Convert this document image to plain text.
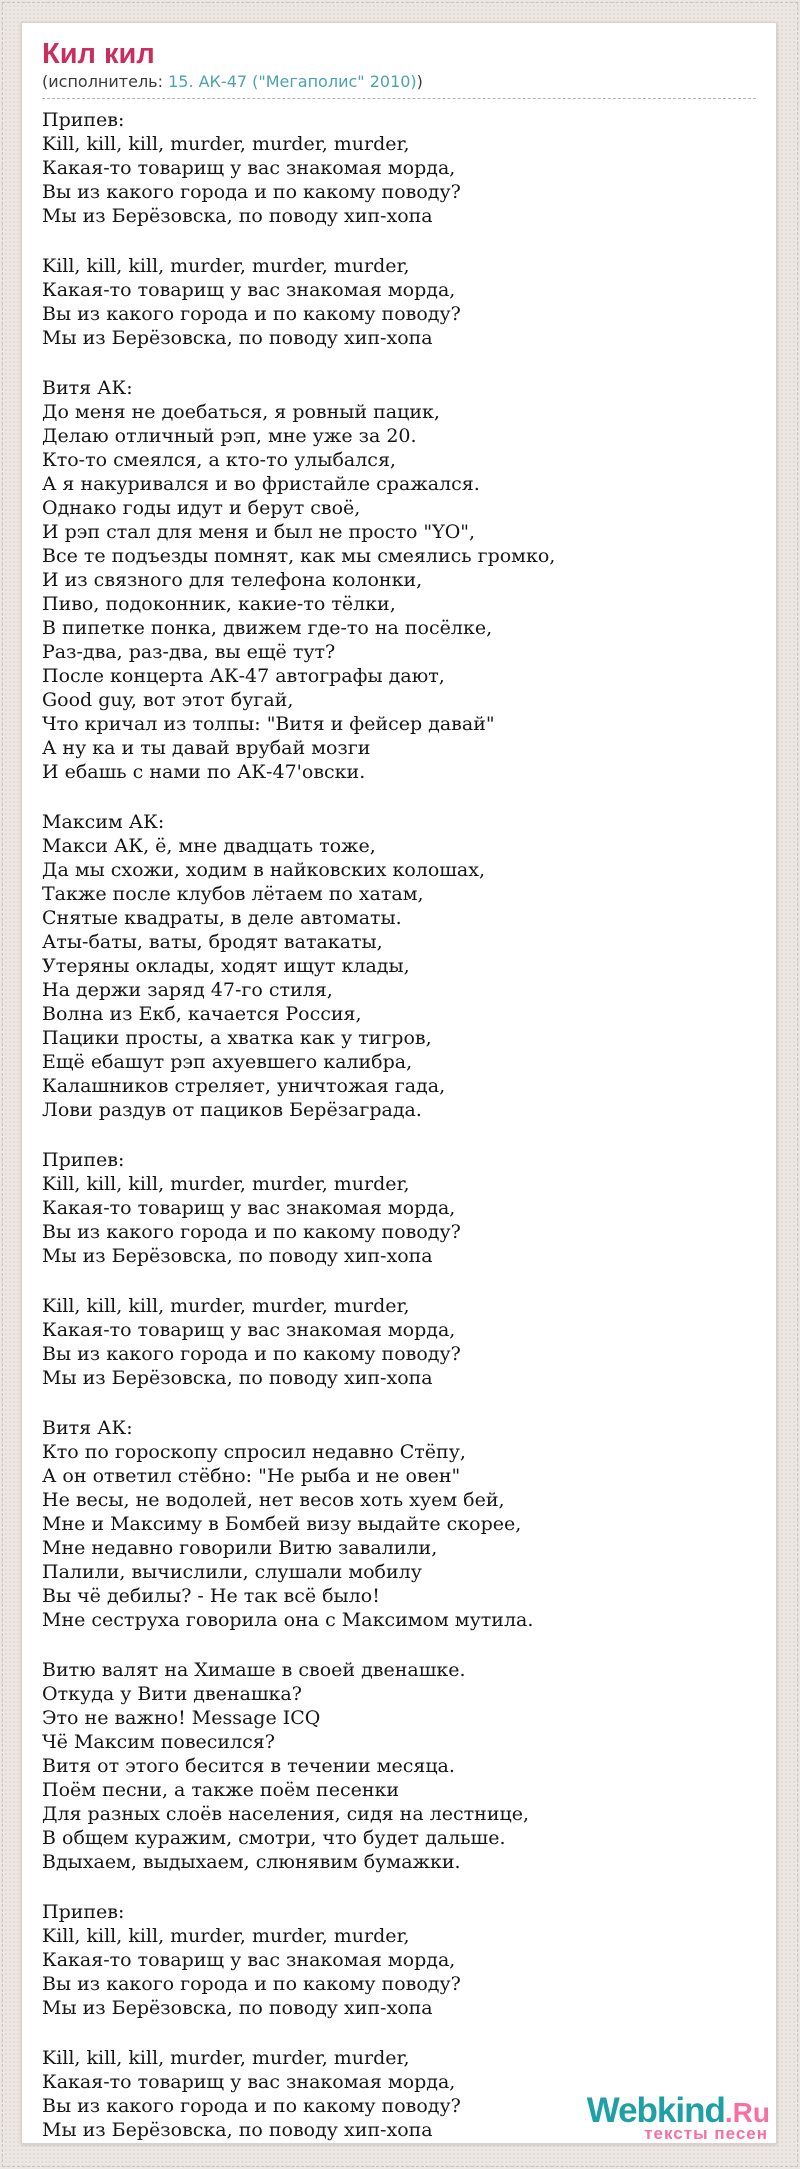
Кил кил
(исполнитель: 15. АК-47 ("Мегаполис" 2010))
Припев:
Kill, kill, kill, murder, murder, murder,
Какая-то товарищ у вас знакомая морда,
Вы из какого города и по какому поводу?
Мы из Берёзовска, по поводу хип-хопа
Kill, kill, kill, murder, murder, murder,
Какая-то товарищ у вас знакомая морда,
Вы из какого города и по какому поводу?
Мы из Берёзовска, по поводу хип-хопа
Витя АК:
До меня не доебаться, я ровный пацик,
Делаю отличный рэп, мне уже за 20.
Кто-то смеялся, а кто-то улыбался,
А я накуривался и во фристайле сражался.
Однако годы идут и берут своё,
И рэп стал для меня и был не просто "YO",
Все те подъезды помнят, как мы смеялись громко,
И из связного для телефона колонки,
Пиво, подоконник, какие-то тёлки,
В пипетке понка, движем где-то на посёлке,
Раз-два, раз-два, вы ещё тут?
После концерта АК-47 автографы дают,
Good guy, вот этот бугай,
Что кричал из толпы: "Витя и фейсер давай"
А ну ка и ты давай врубай мозги
И ебашь с нами по АК-47'овски.
Максим АК:
Макси АК, ё, мне двадцать тоже,
Да мы схожи, ходим в найковских колошах,
Также после клубов лётаем по хатам,
Снятые квадраты, в деле автоматы.
Аты-баты, ваты, бродят ватакаты,
Утеряны оклады, ходят ищут клады,
На держи заряд 47-го стиля,
Волна из Екб, качается Россия,
Пацики просты, а хватка как у тигров,
Ещё ебашут рэп ахуевшего калибра,
Калашников стреляет, уничтожая гада,
Лови раздув от пациков Берёзаграда.
Припев:
Kill, kill, kill, murder, murder, murder,
Какая-то товарищ у вас знакомая морда,
Вы из какого города и по какому поводу?
Мы из Берёзовска, по поводу хип-хопа
Kill, kill, kill, murder, murder, murder,
Какая-то товарищ у вас знакомая морда,
Вы из какого города и по какому поводу?
Мы из Берёзовска, по поводу хип-хопа
Витя АК:
Кто по гороскопу спросил недавно Стёпу,
А он ответил стёбно: "Не рыба и не овен"
Не весы, не водолей, нет весов хоть хуем бей,
Мне и Максиму в Бомбей визу выдайте скорее,
Мне недавно говорили Витю завалили,
Палили, вычислили, слушали мобилу
Вы чё дебилы? - Не так всё было!
Мне сеструха говорила она с Максимом мутила.
Витю валят на Химаше в своей двенашке.
Откуда у Вити двенашка?
Это не важно! Message ICQ
Чё Максим повесился?
Витя от этого бесится в течении месяца.
Поём песни, а также поём песенки
Для разных слоёв населения, сидя на лестнице,
В общем куражим, смотри, что будет дальше.
Вдыхаем, выдыхаем, слюнявим бумажки.
Припев:
Kill, kill, kill, murder, murder, murder,
Какая-то товарищ у вас знакомая морда,
Вы из какого города и по какому поводу?
Мы из Берёзовска, по поводу хип-хопа
Kill, kill, kill, murder, murder, murder,
Какая-то товарищ у вас знакомая морда,
Вы из какого города и по какому поводу?
Мы из Берёзовска, по поводу хип-хопа
Webkind.Ru
тексты песен
